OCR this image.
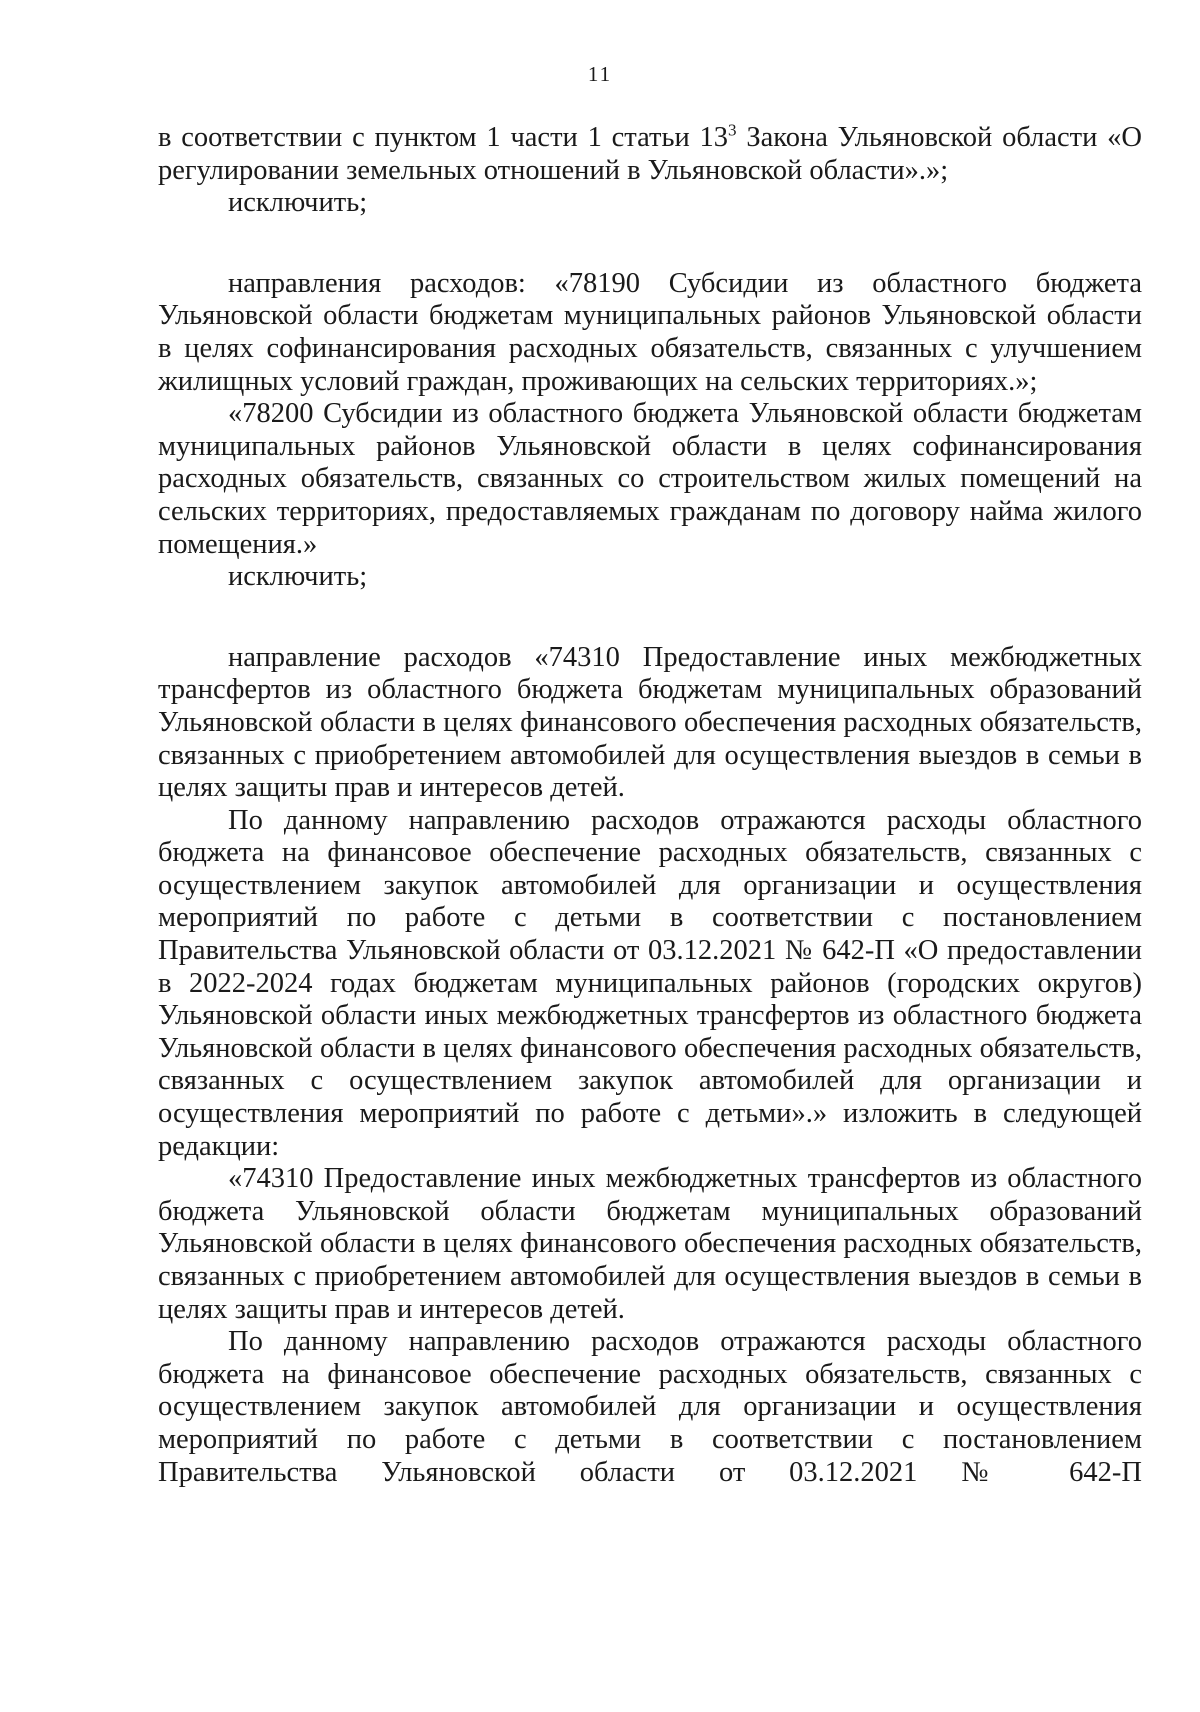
11

в соответствии с пунктом 1 части 1 статьи $13^3$ Закона Ульяновской области «О регулировании земельных отношений в Ульяновской области».»;

исключить;

направления расходов: «78190 Субсидии из областного бюджета Ульяновской области бюджетам муниципальных районов Ульяновской области в целях софинансирования расходных обязательств, связанных с улучшением жилищных условий граждан, проживающих на сельских территориях.»;

«78200 Субсидии из областного бюджета Ульяновской области бюджетам муниципальных районов Ульяновской области в целях софинансирования расходных обязательств, связанных со строительством жилых помещений на сельских территориях, предоставляемых гражданам по договору найма жилого помещения.»

исключить;

направление расходов «74310 Предоставление иных межбюджетных трансфертов из областного бюджета бюджетам муниципальных образований Ульяновской области в целях финансового обеспечения расходных обязательств, связанных с приобретением автомобилей для осуществления выездов в семьи в целях защиты прав и интересов детей.

По данному направлению расходов отражаются расходы областного бюджета на финансовое обеспечение расходных обязательств, связанных с осуществлением закупок автомобилей для организации и осуществления мероприятий по работе с детьми в соответствии с постановлением Правительства Ульяновской области от 03.12.2021 № 642-П «О предоставлении в 2022-2024 годах бюджетам муниципальных районов (городских округов) Ульяновской области иных межбюджетных трансфертов из областного бюджета Ульяновской области в целях финансового обеспечения расходных обязательств, связанных с осуществлением закупок автомобилей для организации и осуществления мероприятий по работе с детьми».» изложить в следующей редакции:

«74310 Предоставление иных межбюджетных трансфертов из областного бюджета Ульяновской области бюджетам муниципальных образований Ульяновской области в целях финансового обеспечения расходных обязательств, связанных с приобретением автомобилей для осуществления выездов в семьи в целях защиты прав и интересов детей.

По данному направлению расходов отражаются расходы областного бюджета на финансовое обеспечение расходных обязательств, связанных с осуществлением закупок автомобилей для организации и осуществления мероприятий по работе с детьми в соответствии с постановлением Правительства Ульяновской области от 03.12.2021 № 642-П
